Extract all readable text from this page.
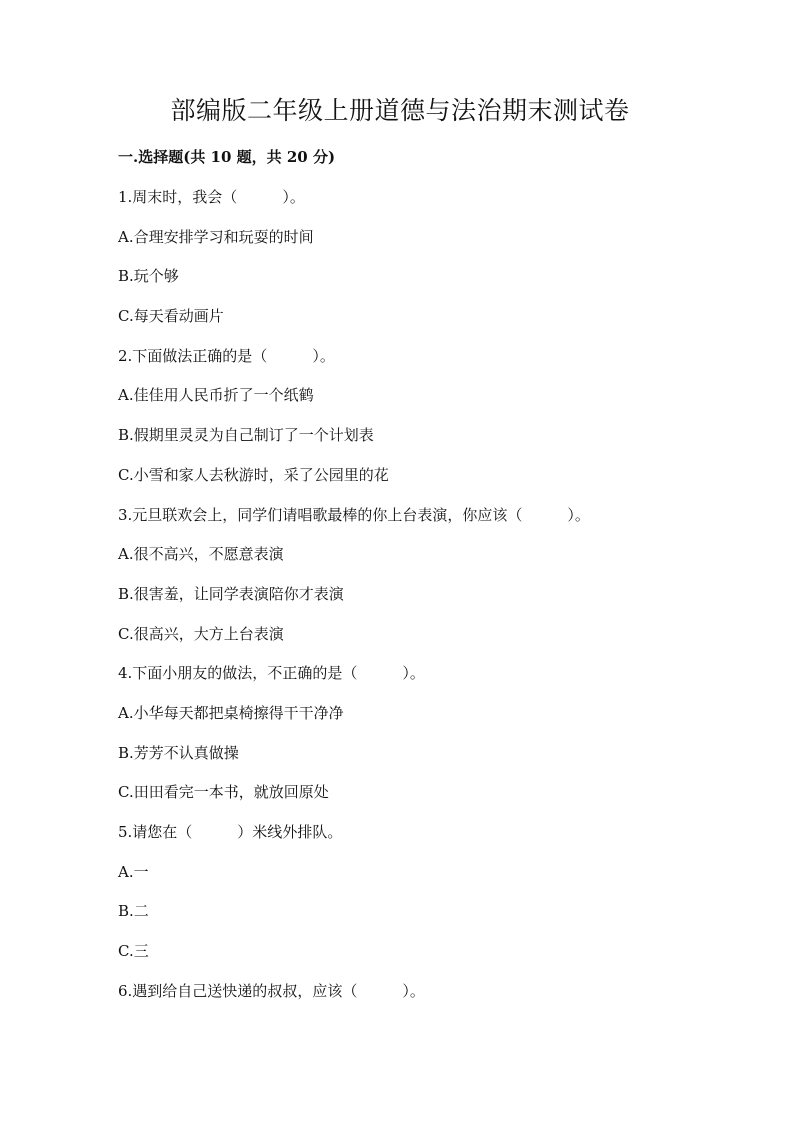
部编版二年级上册道德与法治期末测试卷
一.选择题(共 10 题，共 20 分)
1.周末时，我会（　　　）。
A.合理安排学习和玩耍的时间
B.玩个够
C.每天看动画片
2.下面做法正确的是（　　　）。
A.佳佳用人民币折了一个纸鹤
B.假期里灵灵为自己制订了一个计划表
C.小雪和家人去秋游时，采了公园里的花
3.元旦联欢会上，同学们请唱歌最棒的你上台表演，你应该（　　　）。
A.很不高兴，不愿意表演
B.很害羞，让同学表演陪你才表演
C.很高兴，大方上台表演
4.下面小朋友的做法，不正确的是（　　　）。
A.小华每天都把桌椅擦得干干净净
B.芳芳不认真做操
C.田田看完一本书，就放回原处
5.请您在（　　　）米线外排队。
A.一
B.二
C.三
6.遇到给自己送快递的叔叔，应该（　　　）。
